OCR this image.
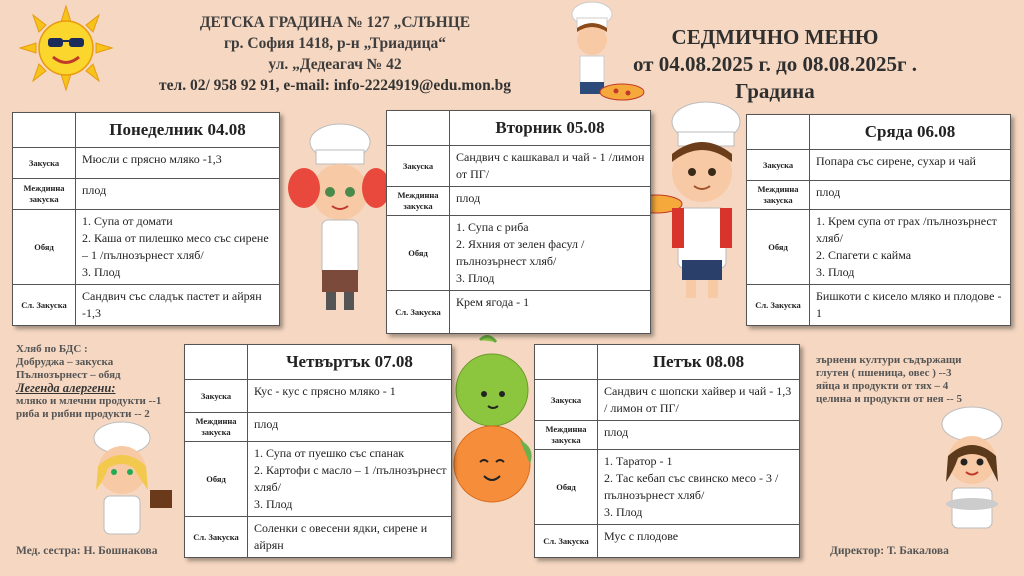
ДЕТСКА ГРАДИНА № 127 „СЛЪНЦЕ
гр. София 1418, р-н „Триадица“
ул. „Дедеагач № 42
тел. 02/ 958 92 91, e-mail: info-2224919@edu.mon.bg
СЕДМИЧНО МЕНЮ
от 04.08.2025 г. до 08.08.2025г .
Градина
	Понеделник 04.08
Закуска	Мюсли с прясно мляко -1,3
Междинна закуска	плод
Обяд	1. Супа от домати
2. Каша от пилешко месо със сирене – 1 /пълнозърнест хляб/
3. Плод

Сл. Закуска	Сандвич със сладък пастет и айрян -1,3
	Вторник 05.08
Закуска	Сандвич с кашкавал и чай - 1 /лимон от ПГ/
Междинна закуска	плод
Обяд	1. Супа с риба
2. Яхния от зелен фасул /пълнозърнест хляб/
3. Плод

Сл. Закуска	Крем ягода - 1
	Сряда 06.08
Закуска	Попара със сирене, сухар и чай
Междинна закуска	плод
Обяд	1. Крем супа от грах /пълнозърнест хляб/
2. Спагети с кайма
3. Плод

Сл. Закуска	Бишкоти с кисело мляко и плодове - 1
	Четвъртък 07.08
Закуска	Кус - кус с прясно мляко - 1
Междинна закуска	плод
Обяд	1. Супа от пуешко със спанак
2. Картофи с масло – 1 /пълнозърнест хляб/
3. Плод

Сл. Закуска	Соленки с овесени ядки, сирене и айрян
	Петък 08.08
Закуска	Сандвич с шопски хайвер и чай - 1,3 / лимон от ПГ/
Междинна закуска	плод
Обяд	1. Таратор - 1
2. Тас кебап със свинско месо - 3 /пълнозърнест хляб/
3. Плод

Сл. Закуска	Мус с плодове
Хляб по БДС :
Добруджа – закуска
Пълнозърнест – обяд
Легенда алергени:
мляко и млечни продукти --1
риба и рибни продукти -- 2
зърнени култури съдържащи
глутен ( пшеница, овес ) --3
яйца и продукти от тях – 4
целина и продукти от нея -- 5
Мед. сестра: Н. Бошнакова	Директор: Т. Бакалова
